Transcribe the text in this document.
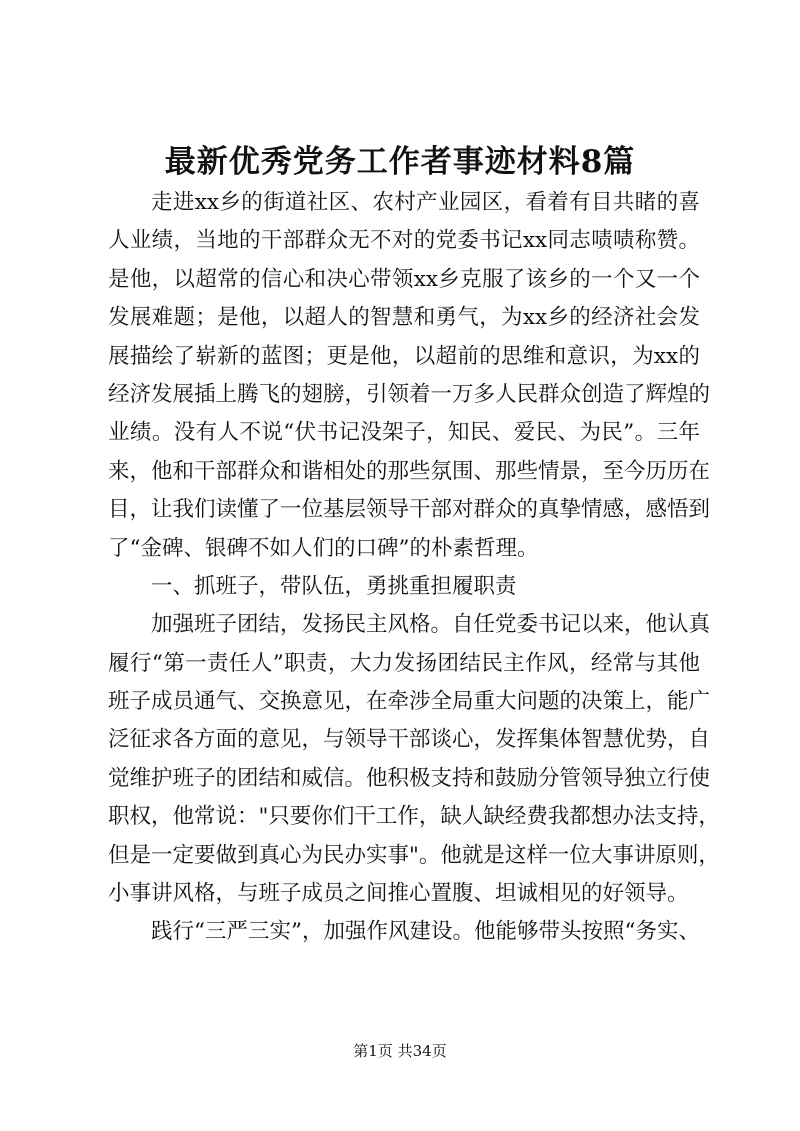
最新优秀党务工作者事迹材料8篇
走进xx乡的街道社区、农村产业园区，看着有目共睹的喜
人业绩，当地的干部群众无不对的党委书记xx同志啧啧称赞。
是他，以超常的信心和决心带领xx乡克服了该乡的一个又一个
发展难题；是他，以超人的智慧和勇气，为xx乡的经济社会发
展描绘了崭新的蓝图；更是他，以超前的思维和意识，为xx的
经济发展插上腾飞的翅膀，引领着一万多人民群众创造了辉煌的
业绩。没有人不说“伏书记没架子，知民、爱民、为民”。三年
来，他和干部群众和谐相处的那些氛围、那些情景，至今历历在
目，让我们读懂了一位基层领导干部对群众的真挚情感，感悟到
了“金碑、银碑不如人们的口碑”的朴素哲理。
一、抓班子，带队伍，勇挑重担履职责
加强班子团结，发扬民主风格。自任党委书记以来，他认真
履行“第一责任人”职责，大力发扬团结民主作风，经常与其他
班子成员通气、交换意见，在牵涉全局重大问题的决策上，能广
泛征求各方面的意见，与领导干部谈心，发挥集体智慧优势，自
觉维护班子的团结和威信。他积极支持和鼓励分管领导独立行使
职权，他常说："只要你们干工作，缺人缺经费我都想办法支持，
但是一定要做到真心为民办实事"。他就是这样一位大事讲原则，
小事讲风格，与班子成员之间推心置腹、坦诚相见的好领导。
践行“三严三实”，加强作风建设。他能够带头按照“务实、
第1页 共34页
